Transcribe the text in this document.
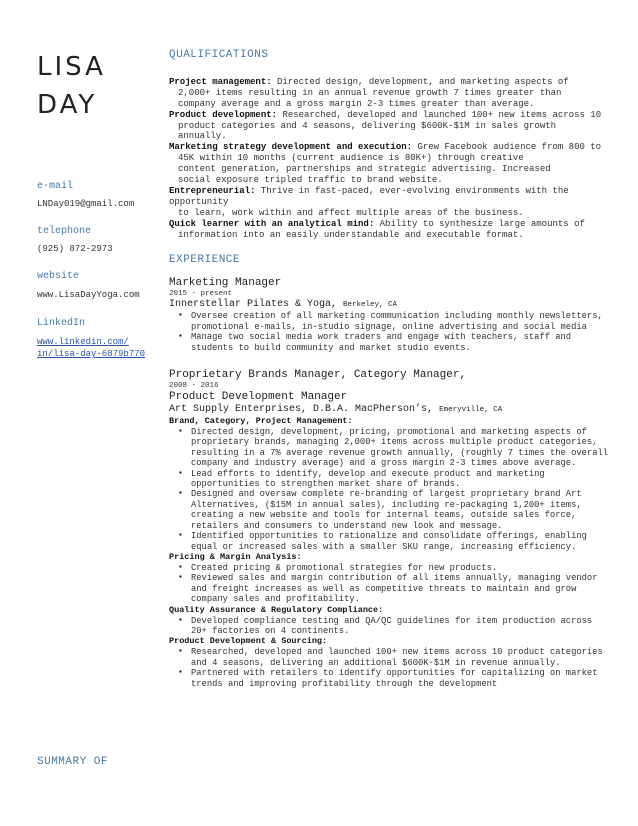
LISA
DAY
e-mail
LNDay019@gmail.com
telephone
(925) 872-2973
website
www.LisaDayYoga.com
LinkedIn
www.linkedin.com/
in/lisa-day-6879b770
SUMMARY OF

QUALIFICATIONS

Project management: Directed design, development, and marketing aspects of
2,000+ items resulting in an annual revenue growth 7 times greater than
company average and a gross margin 2-3 times greater than average.

Product development: Researched, developed and launched 100+ new items across 10
product categories and 4 seasons, delivering $600K-$1M in sales growth
annually.

Marketing strategy development and execution: Grew Facebook audience from 800 to
45K within 10 months (current audience is 80K+) through creative
content generation, partnerships and strategic advertising. Increased
social exposure tripled traffic to brand website.

Entrepreneurial: Thrive in fast-paced, ever-evolving environments with the opportunity
to learn, work within and affect multiple areas of the business.

Quick learner with an analytical mind: Ability to synthesize large amounts of
information into an easily understandable and executable format.

EXPERIENCE

Marketing Manager

2015 - present

Innerstellar Pilates & Yoga, Berkeley, CA

▪ Oversee creation of all marketing communication including monthly newsletters, promotional e-mails, in-studio signage, online advertising and social media
▪ Manage two social media work traders and engage with teachers, staff and students to build community and market studio events.

Proprietary Brands Manager, Category Manager,

2008 - 2016

Product Development Manager

Art Supply Enterprises, D.B.A. MacPherson’s, Emeryville, CA

Brand, Category, Project Management:

▪ Directed design, development, pricing, promotional and marketing aspects of proprietary brands, managing 2,000+ items across multiple product categories, resulting in a 7% average revenue growth annually, (roughly 7 times the overall company and industry average) and a gross margin 2-3 times above average.
▪ Lead efforts to identify, develop and execute product and marketing opportunities to strengthen market share of brands.
▪ Designed and oversaw complete re-branding of largest proprietary brand Art Alternatives, ($15M in annual sales), including re-packaging 1,200+ items, creating a new website and tools for internal teams, outside sales force, retailers and consumers to understand new look and message.
▪ Identified opportunities to rationalize and consolidate offerings, enabling equal or increased sales with a smaller SKU range, increasing efficiency.

Pricing & Margin Analysis:

▪ Created pricing & promotional strategies for new products.
▪ Reviewed sales and margin contribution of all items annually, managing vendor and freight increases as well as competitive threats to maintain and grow company sales and profitability.

Quality Assurance & Regulatory Compliance:

▪ Developed compliance testing and QA/QC guidelines for item production across 20+ factories on 4 continents.

Product Development & Sourcing:

▪ Researched, developed and launched 100+ new items across 10 product categories and 4 seasons, delivering an additional $600K-$1M in revenue annually.
▪ Partnered with retailers to identify opportunities for capitalizing on market trends and improving profitability through the development
